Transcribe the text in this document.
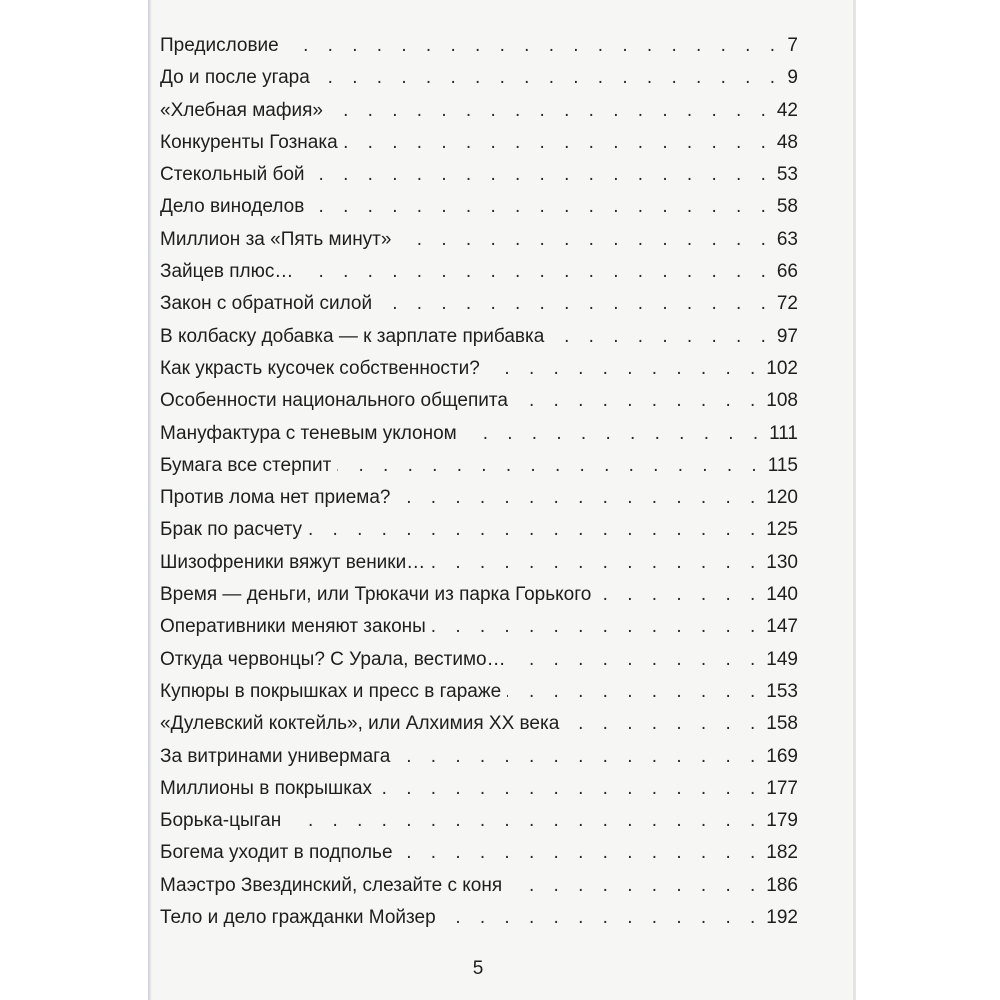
Предисловие . . .	7
До и после угара . . .	9
«Хлебная мафия» . . .	42
Конкуренты Гознака . . .	48
Стекольный бой . . .	53
Дело виноделов . . .	58
Миллион за «Пять минут» . . .	63
Зайцев плюс… . . .	66
Закон с обратной силой . . .	72
В колбаску добавка — к зарплате прибавка . . .	97
Как украсть кусочек собственности? . . .	102
Особенности национального общепита . . .	108
Мануфактура с теневым уклоном . . .	111
Бумага все стерпит . . .	115
Против лома нет приема? . . .	120
Брак по расчету . . .	125
Шизофреники вяжут веники… . . .	130
Время — деньги, или Трюкачи из парка Горького . . .	140
Оперативники меняют законы . . .	147
Откуда червонцы? С Урала, вестимо… . . .	149
Купюры в покрышках и пресс в гараже . . .	153
«Дулевский коктейль», или Алхимия XX века . . .	158
За витринами универмага . . .	169
Миллионы в покрышках . . .	177
Борька-цыган . . .	179
Богема уходит в подполье . . .	182
Маэстро Звездинский, слезайте с коня . . .	186
Тело и дело гражданки Мойзер . . .	192
5
